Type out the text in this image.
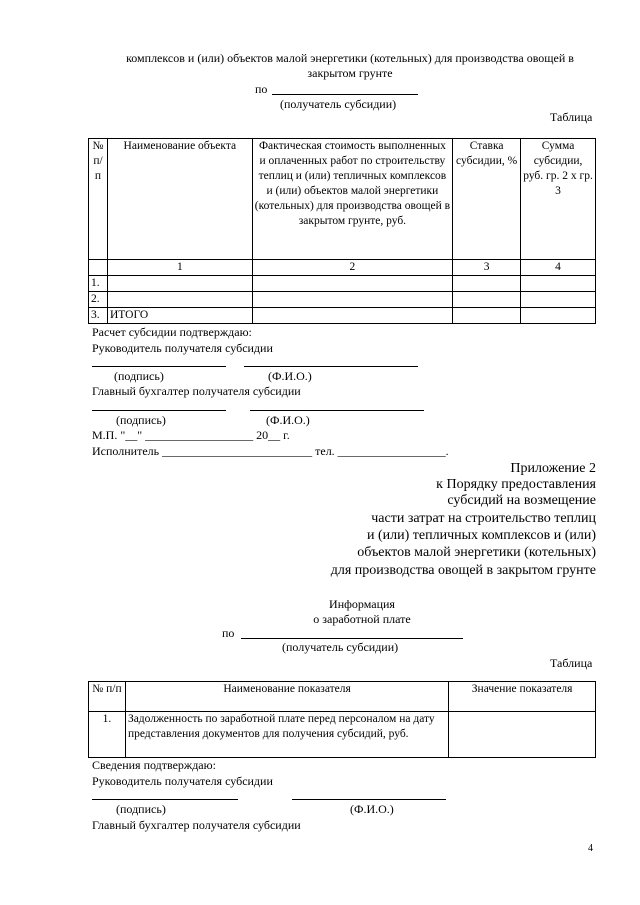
комплексов и (или) объектов малой энергетики (котельных) для производства овощей в
закрытом грунте
по
(получатель субсидии)
Таблица
№ п/п	Наименование объекта	Фактическая стоимость выполненных и оплаченных работ по строительству теплиц и (или) тепличных комплексов и (или) объектов малой энергетики (котельных) для производства овощей в закрытом грунте, руб.	Ставка субсидии, %	Сумма субсидии, руб. гр. 2 х гр. 3
	1	2	3	4
1.				
2.				
3.	ИТОГО			
Расчет субсидии подтверждаю:
Руководитель получателя субсидии
(подпись)	(Ф.И.О.)
Главный бухгалтер получателя субсидии
(подпись)	(Ф.И.О.)
М.П. "__" __________________ 20__ г.
Исполнитель _________________________ тел. __________________.
Приложение 2
к Порядку предоставления
субсидий на возмещение
части затрат на строительство теплиц
и (или) тепличных комплексов и (или)
объектов малой энергетики (котельных)
для производства овощей в закрытом грунте
Информация
о заработной плате
по
(получатель субсидии)
Таблица
№ п/п	Наименование показателя	Значение показателя
1.	Задолженность по заработной плате перед персоналом на дату представления документов для получения субсидий, руб.	
Сведения подтверждаю:
Руководитель получателя субсидии
(подпись)	(Ф.И.О.)
Главный бухгалтер получателя субсидии
4
